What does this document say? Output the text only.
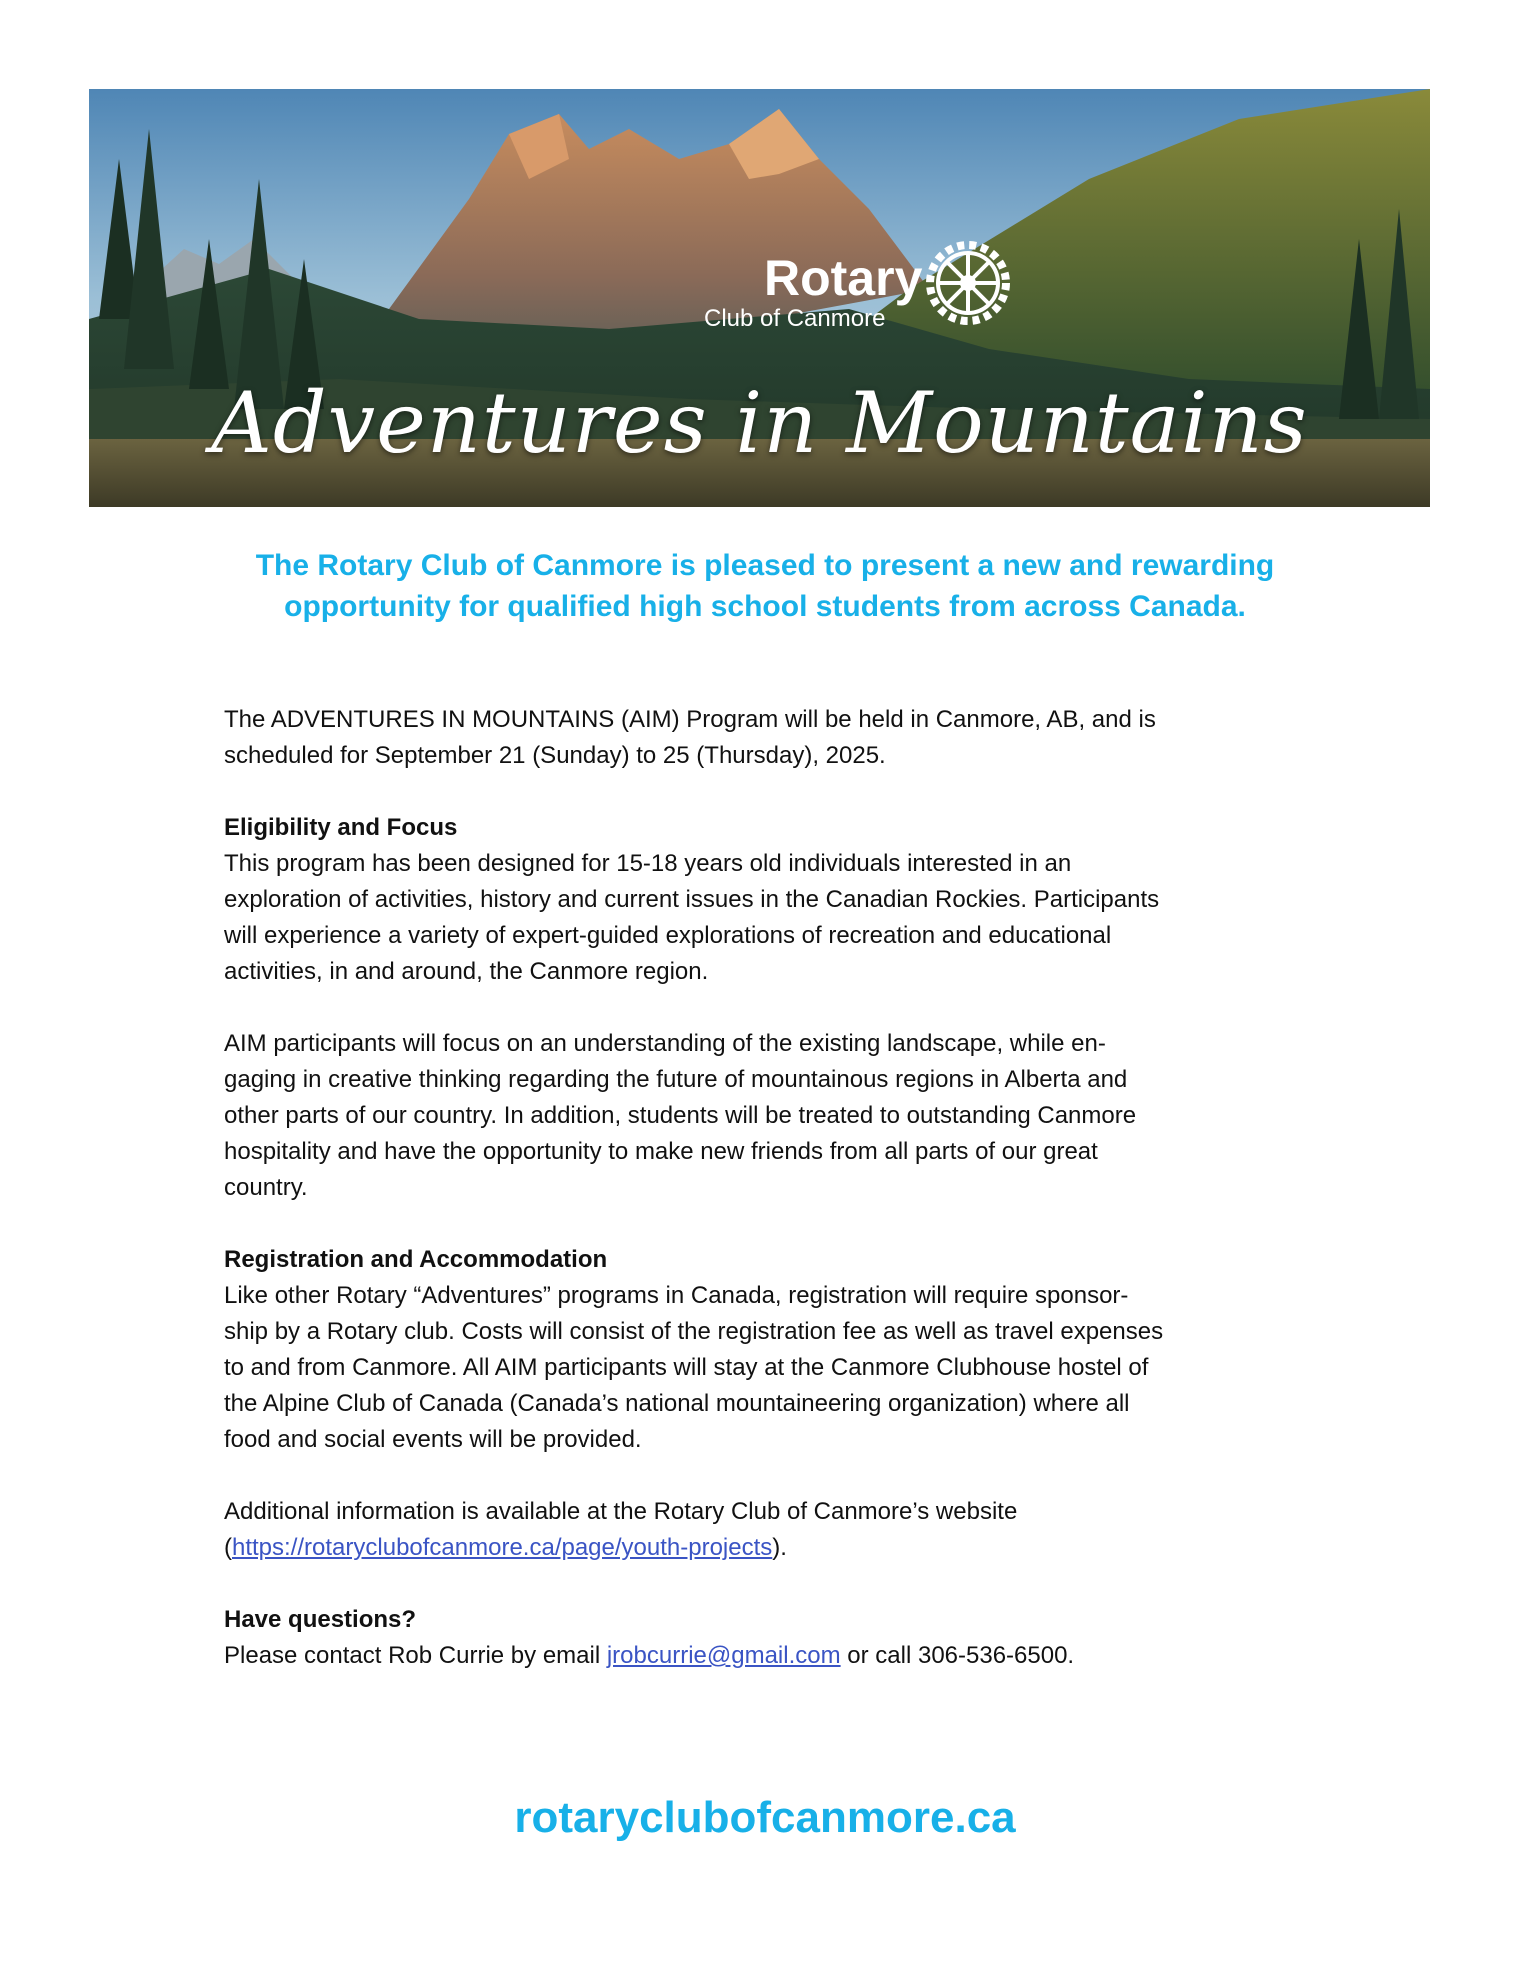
Rotary
Club of Canmore
Adventures in Mountains
The Rotary Club of Canmore is pleased to present a new and rewarding opportunity for qualified high school students from across Canada.

The ADVENTURES IN MOUNTAINS (AIM) Program will be held in Canmore, AB, and is
scheduled for September 21 (Sunday) to 25 (Thursday), 2025.

Eligibility and Focus

This program has been designed for 15-18 years old individuals interested in an
exploration of activities, history and current issues in the Canadian Rockies. Participants
will experience a variety of expert-guided explorations of recreation and educational
activities, in and around, the Canmore region.

AIM participants will focus on an understanding of the existing landscape, while en-
gaging in creative thinking regarding the future of mountainous regions in Alberta and
other parts of our country. In addition, students will be treated to outstanding Canmore
hospitality and have the opportunity to make new friends from all parts of our great
country.

Registration and Accommodation

Like other Rotary “Adventures” programs in Canada, registration will require sponsor-
ship by a Rotary club. Costs will consist of the registration fee as well as travel expenses
to and from Canmore. All AIM participants will stay at the Canmore Clubhouse hostel of
the Alpine Club of Canada (Canada’s national mountaineering organization) where all
food and social events will be provided.

Additional information is available at the Rotary Club of Canmore’s website
(https://rotaryclubofcanmore.ca/page/youth-projects).

Have questions?

Please contact Rob Currie by email jrobcurrie@gmail.com or call 306-536-6500.

rotaryclubofcanmore.ca
